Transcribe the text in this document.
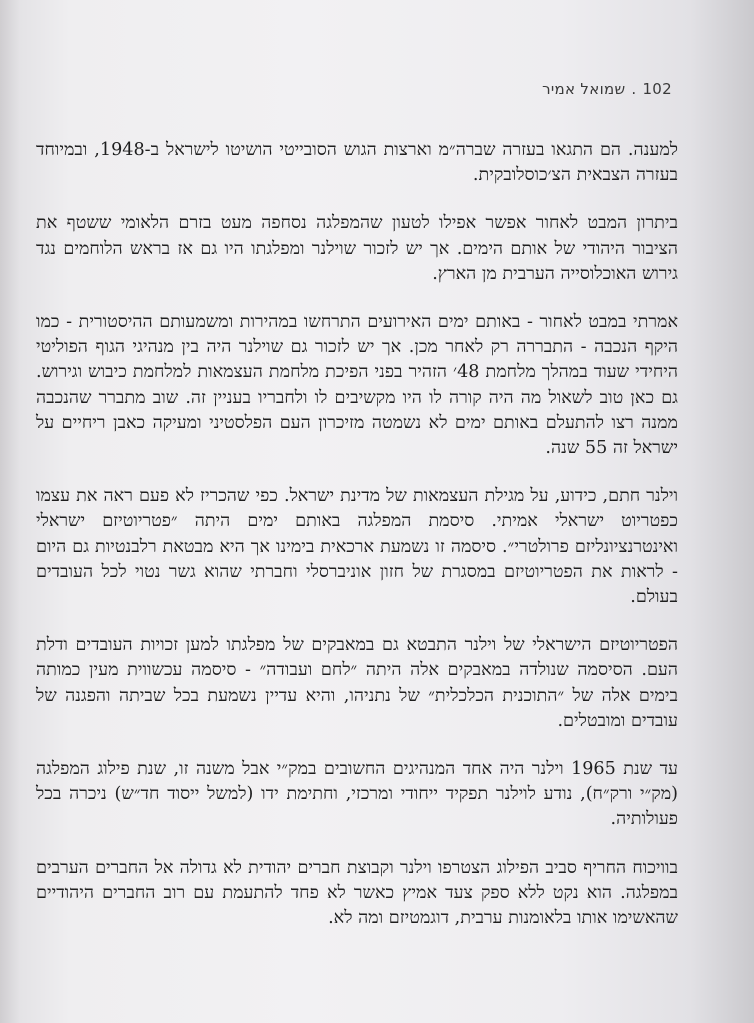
102.שמואל אמיר

למענה. הם התגאו בעזרה שברה״מ וארצות הגוש הסובייטי הושיטו לישראל ב-1948, ובמיוחד בעזרה הצבאית הצ׳כוסלובקית.

ביתרון המבט לאחור אפשר אפילו לטעון שהמפלגה נסחפה מעט בזרם הלאומי ששטף את הציבור היהודי של אותם הימים. אך יש לזכור שוילנר ומפלגתו היו גם אז בראש הלוחמים נגד גירוש האוכלוסייה הערבית מן הארץ.

אמרתי במבט לאחור - באותם ימים האירועים התרחשו במהירות ומשמעותם ההיסטורית - כמו היקף הנכבה - התבררה רק לאחר מכן. אך יש לזכור גם שוילנר היה בין מנהיגי הגוף הפוליטי היחידי שעוד במהלך מלחמת 48׳ הזהיר בפני הפיכת מלחמת העצמאות למלחמת כיבוש וגירוש. גם כאן טוב לשאול מה היה קורה לו היו מקשיבים לו ולחבריו בעניין זה. שוב מתברר שהנכבה ממנה רצו להתעלם באותם ימים לא נשמטה מזיכרון העם הפלסטיני ומעיקה כאבן ריחיים על ישראל זה 55 שנה.

וילנר חתם, כידוע, על מגילת העצמאות של מדינת ישראל. כפי שהכריז לא פעם ראה את עצמו כפטריוט ישראלי אמיתי. סיסמת המפלגה באותם ימים היתה ״פטריוטיזם ישראלי ואינטרנציונליזם פרולטרי״. סיסמה זו נשמעת ארכאית בימינו אך היא מבטאת רלבנטיות גם היום - לראות את הפטריוטיזם במסגרת של חזון אוניברסלי וחברתי שהוא גשר נטוי לכל העובדים בעולם.

הפטריוטיזם הישראלי של וילנר התבטא גם במאבקים של מפלגתו למען זכויות העובדים ודלת העם. הסיסמה שנולדה במאבקים אלה היתה ״לחם ועבודה״ - סיסמה עכשווית מעין כמותה בימים אלה של ״התוכנית הכלכלית״ של נתניהו, והיא עדיין נשמעת בכל שביתה והפגנה של עובדים ומובטלים.

עד שנת 1965 וילנר היה אחד המנהיגים החשובים במק״י אבל משנה זו, שנת פילוג המפלגה (מק״י ורק״ח), נודע לוילנר תפקיד ייחודי ומרכזי, וחתימת ידו (למשל ייסוד חד״ש) ניכרה בכל פעולותיה.

בוויכוח החריף סביב הפילוג הצטרפו וילנר וקבוצת חברים יהודית לא גדולה אל החברים הערבים במפלגה. הוא נקט ללא ספק צעד אמיץ כאשר לא פחד להתעמת עם רוב החברים היהודיים שהאשימו אותו בלאומנות ערבית, דוגמטיזם ומה לא.
